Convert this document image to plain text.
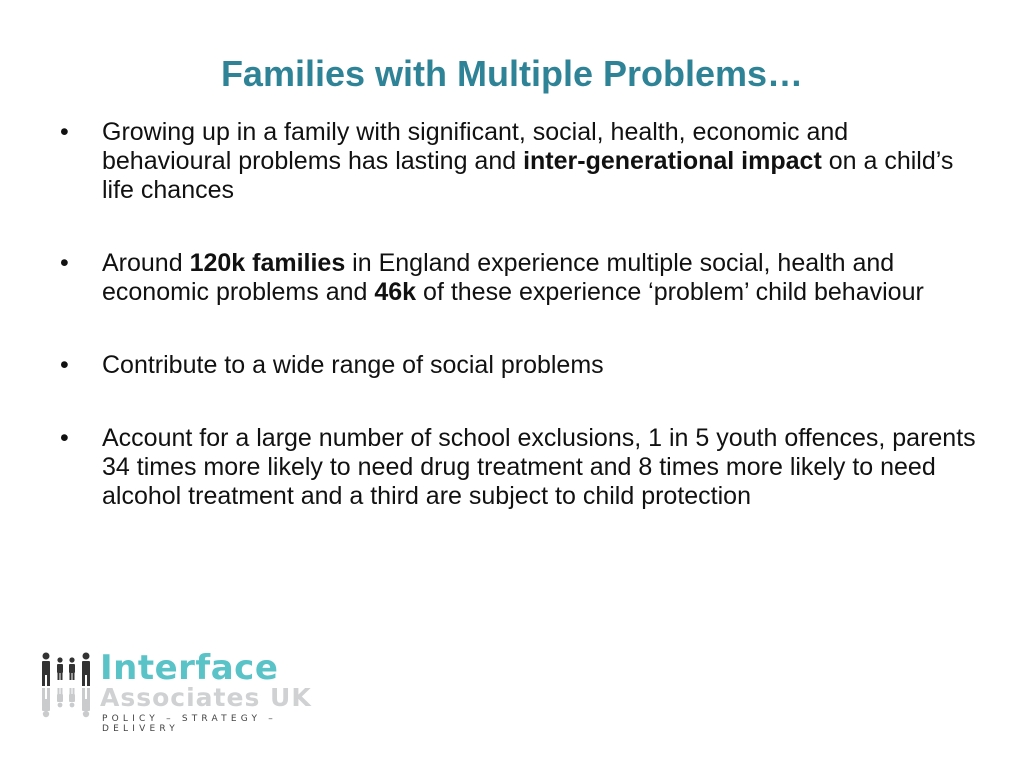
Families with Multiple Problems…
• Growing up in a family with significant, social, health, economic and behavioural problems has lasting and inter-generational impact on a child’s life chances
• Around 120k families in England experience multiple social, health and economic problems and 46k of these experience ‘problem’ child behaviour
• Contribute to a wide range of social problems
• Account for a large number of school exclusions, 1 in 5 youth offences, parents 34 times more likely to need drug treatment and 8 times more likely to need alcohol treatment and a third are subject to child protection
Interface
Associates UK
POLICY – STRATEGY – DELIVERY
